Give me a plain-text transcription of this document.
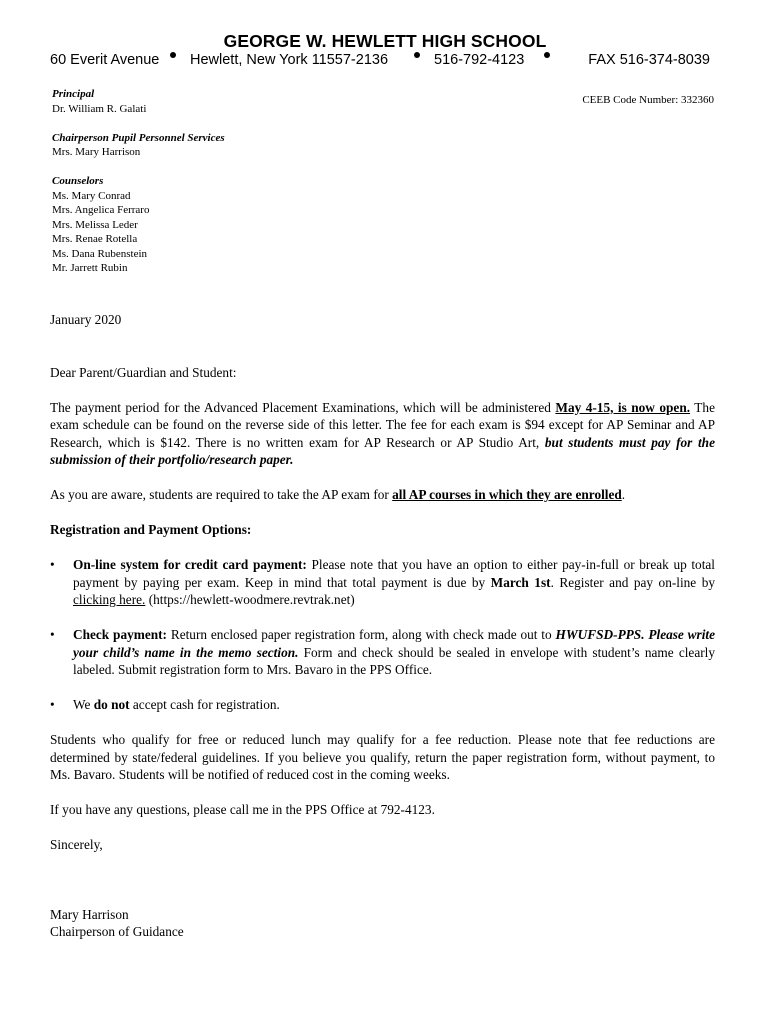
GEORGE W. HEWLETT HIGH SCHOOL
60 Everit Avenue Hewlett, New York 11557-2136	516-792-4123	FAX 516-374-8039
Principal
Dr. William R. Galati
Chairperson Pupil Personnel Services
Mrs. Mary Harrison
Counselors
Ms. Mary Conrad
Mrs. Angelica Ferraro
Mrs. Melissa Leder
Mrs. Renae Rotella
Ms. Dana Rubenstein
Mr. Jarrett Rubin
CEEB Code Number: 332360

January 2020

Dear Parent/Guardian and Student:

The payment period for the Advanced Placement Examinations, which will be administered May 4-15, is now open. The exam schedule can be found on the reverse side of this letter. The fee for each exam is $94 except for AP Seminar and AP Research, which is $142. There is no written exam for AP Research or AP Studio Art, but students must pay for the submission of their portfolio/research paper.

As you are aware, students are required to take the AP exam for all AP courses in which they are enrolled.

Registration and Payment Options:

• On-line system for credit card payment: Please note that you have an option to either pay-in-full or break up total payment by paying per exam. Keep in mind that total payment is due by March 1st. Register and pay on-line by clicking here. (https://hewlett-woodmere.revtrak.net)

• Check payment: Return enclosed paper registration form, along with check made out to HWUFSD-PPS. Please write your child’s name in the memo section. Form and check should be sealed in envelope with student’s name clearly labeled. Submit registration form to Mrs. Bavaro in the PPS Office.

• We do not accept cash for registration.

Students who qualify for free or reduced lunch may qualify for a fee reduction. Please note that fee reductions are determined by state/federal guidelines. If you believe you qualify, return the paper registration form, without payment, to Ms. Bavaro. Students will be notified of reduced cost in the coming weeks.

If you have any questions, please call me in the PPS Office at 792-4123.

Sincerely,

Mary Harrison

Chairperson of Guidance
